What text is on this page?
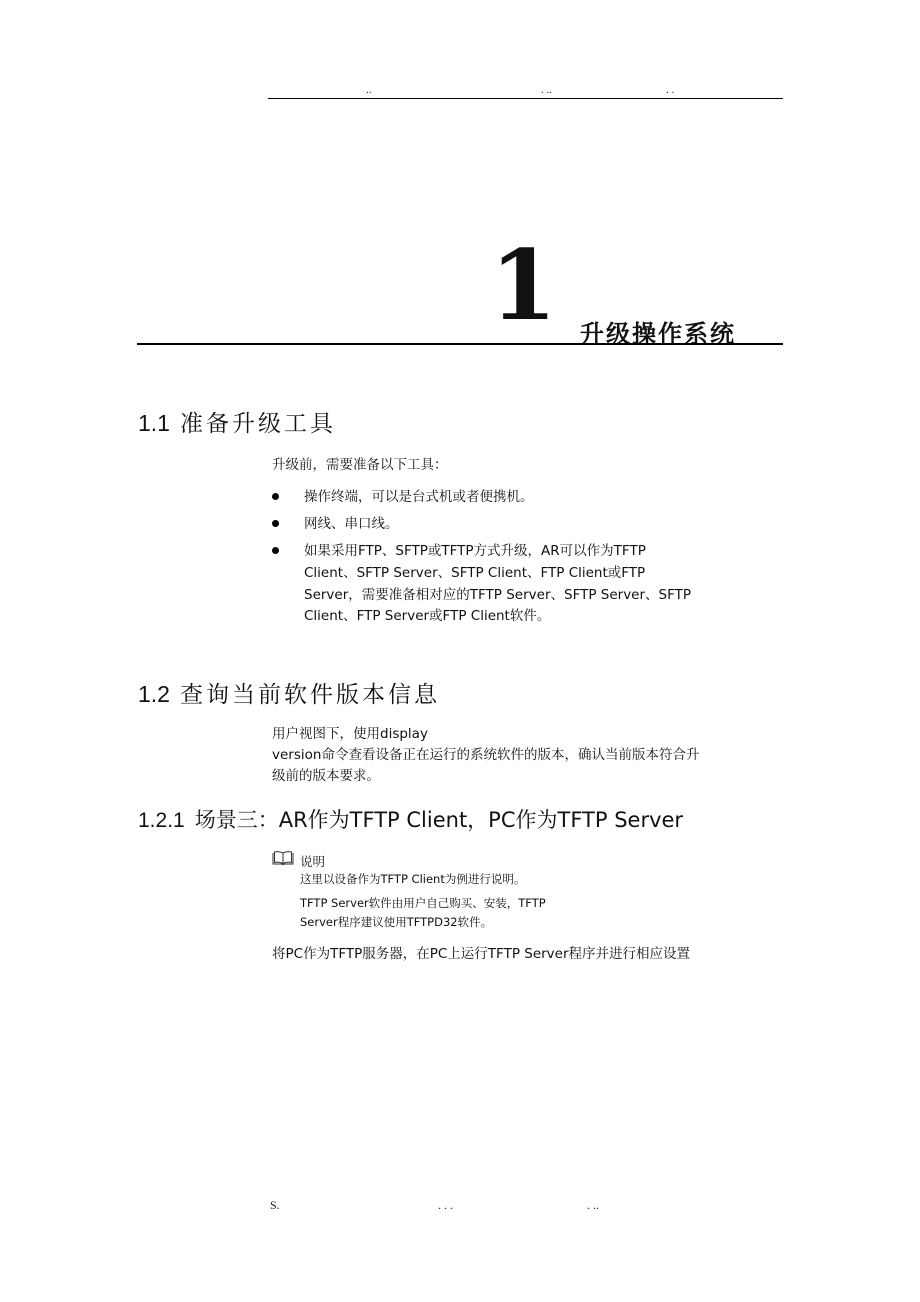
..	. ..	. .
1 升级操作系统
1.1 准备升级工具
升级前，需要准备以下工具：
操作终端，可以是台式机或者便携机。
网线、串口线。
如果采用FTP、SFTP或TFTP方式升级，AR可以作为TFTP
Client、SFTP Server、SFTP Client、FTP Client或FTP
Server，需要准备相对应的TFTP Server、SFTP Server、SFTP
Client、FTP Server或FTP Client软件。
1.2 查询当前软件版本信息
用户视图下，使用display
version命令查看设备正在运行的系统软件的版本，确认当前版本符合升
级前的版本要求。
1.2.1 场景三：AR作为TFTP Client，PC作为TFTP Server
说明
这里以设备作为TFTP Client为例进行说明。
TFTP Server软件由用户自己购买、安装，TFTP
Server程序建议使用TFTPD32软件。
将PC作为TFTP服务器，在PC上运行TFTP Server程序并进行相应设置
S.	. . .	. ..
